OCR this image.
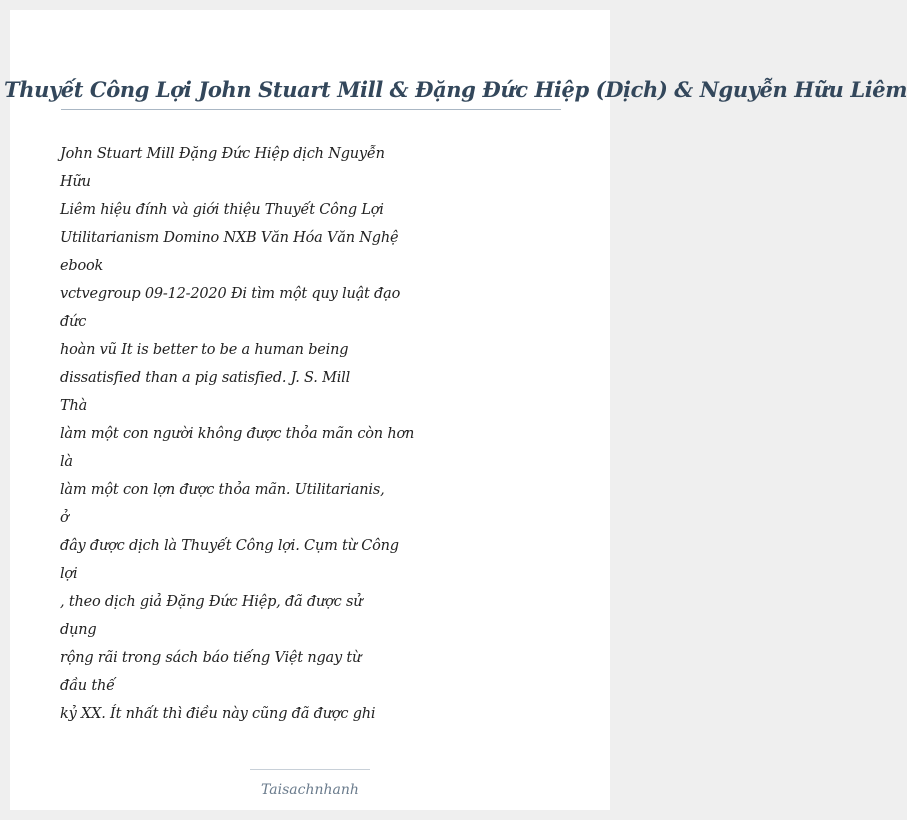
Thuyết Công Lợi John Stuart Mill & Đặng Đức Hiệp (Dịch) & Nguyễn Hữu Liêm
John Stuart Mill Đặng Đức Hiệp dịch Nguyễn
Hữu
Liêm hiệu đính và giới thiệu Thuyết Công Lợi
Utilitarianism Domino NXB Văn Hóa Văn Nghệ
ebook
vctvegroup 09-12-2020 Đi tìm một quy luật đạo
đức
hoàn vũ It is better to be a human being
dissatisfied than a pig satisfied. J. S. Mill
Thà
làm một con người không được thỏa mãn còn hơn
là
làm một con lợn được thỏa mãn. Utilitarianis,
ở
đây được dịch là Thuyết Công lợi. Cụm từ Công
lợi
, theo dịch giả Đặng Đức Hiệp, đã được sử
dụng
rộng rãi trong sách báo tiếng Việt ngay từ
đầu thế
kỷ XX. Ít nhất thì điều này cũng đã được ghi
Taisachnhanh
